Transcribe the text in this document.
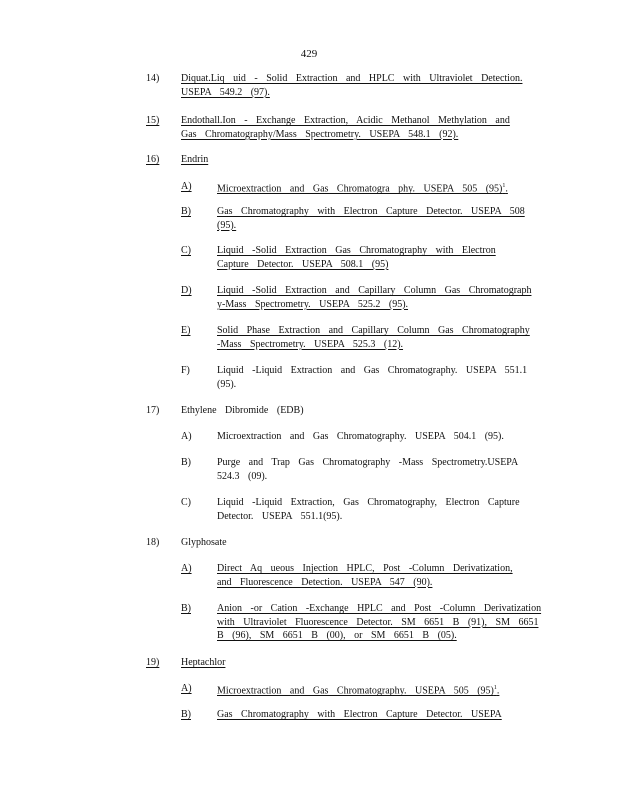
429
14) Diquat.Liq uid - Solid Extraction and HPLC with Ultraviolet Detection. USEPA 549.2 (97).
15) Endothall.Ion - Exchange Extraction, Acidic Methanol Methylation and Gas Chromatography/Mass Spectrometry. USEPA 548.1 (92).
16) Endrin
A)	Microextraction and Gas Chromatogra phy. USEPA 505 $(95)^1$.
B)	Gas Chromatography with Electron Capture Detector. USEPA 508 (95).
C)	Liquid -Solid Extraction Gas Chromatography with Electron Capture Detector. USEPA 508.1 (95)
D)	Liquid -Solid Extraction and Capillary Column Gas Chromatograph y-Mass Spectrometry. USEPA 525.2 (95).
E)	Solid Phase Extraction and Capillary Column Gas Chromatography -Mass Spectrometry. USEPA 525.3 (12).
F)	Liquid -Liquid Extraction and Gas Chromatography. USEPA 551.1 (95).
17) Ethylene Dibromide (EDB)
A)	Microextraction and Gas Chromatography. USEPA 504.1 (95).
B)	Purge and Trap Gas Chromatography -Mass Spectrometry.USEPA 524.3 (09).
C)	Liquid -Liquid Extraction, Gas Chromatography, Electron Capture Detector. USEPA 551.1(95).
18) Glyphosate
A)	Direct Aq ueous Injection HPLC, Post -Column Derivatization, and Fluorescence Detection. USEPA 547 (90).
B)	Anion -or Cation -Exchange HPLC and Post -Column Derivatization with Ultraviolet Fluorescence Detector. SM 6651 B (91), SM 6651 B (96), SM 6651 B (00), or SM 6651 B (05).
19) Heptachlor
A)	Microextraction and Gas Chromatography. USEPA 505 $(95)^1$.
B)	Gas Chromatography with Electron Capture Detector. USEPA
